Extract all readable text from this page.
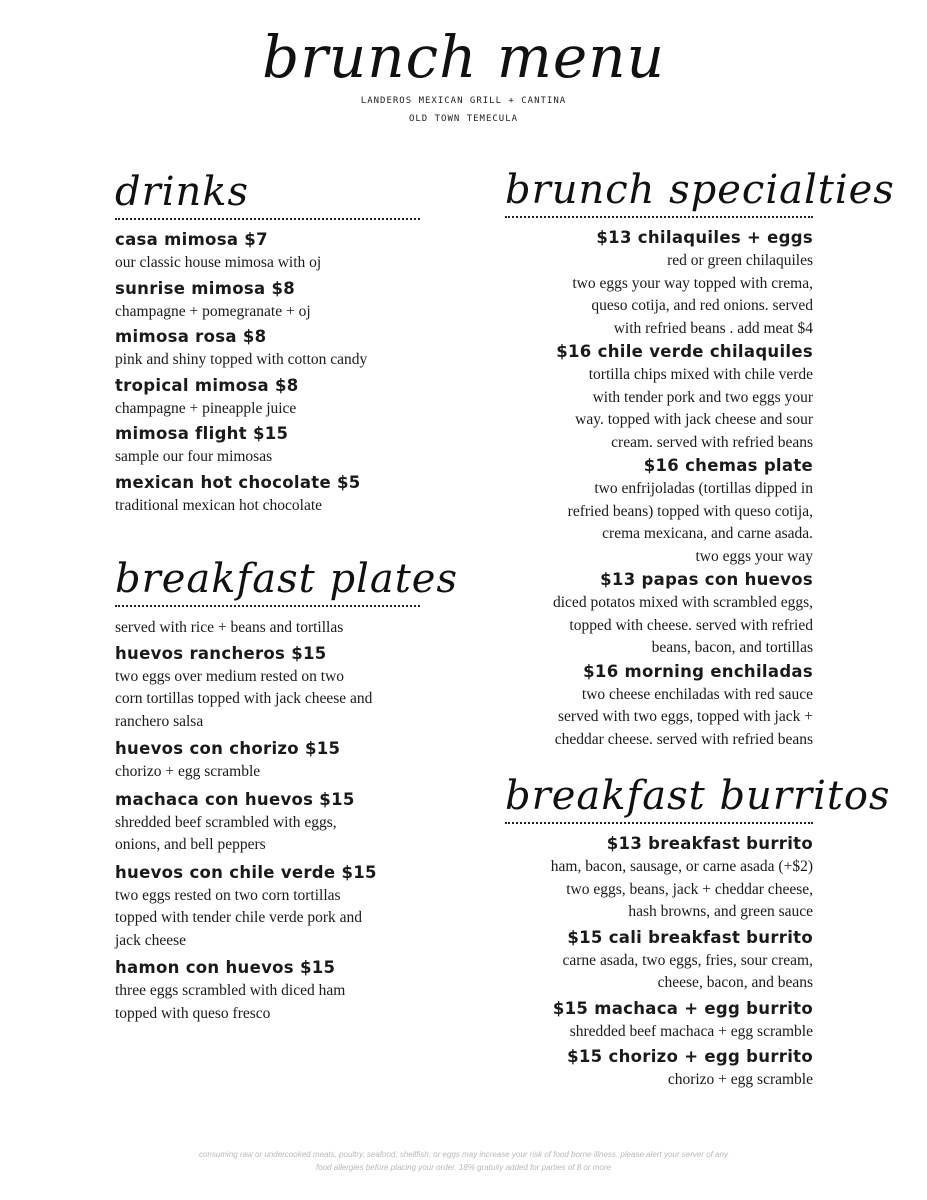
brunch menu
LANDEROS MEXICAN GRILL + CANTINA
OLD TOWN TEMECULA
drinks
casa mimosa $7
our classic house mimosa with oj
sunrise mimosa $8
champagne + pomegranate + oj
mimosa rosa $8
pink and shiny topped with cotton candy
tropical mimosa $8
champagne + pineapple juice
mimosa flight $15
sample our four mimosas
mexican hot chocolate $5
traditional mexican hot chocolate
breakfast plates
served with rice + beans and tortillas
huevos rancheros $15
two eggs over medium rested on two
corn tortillas topped with jack cheese and
ranchero salsa
huevos con chorizo $15
chorizo + egg scramble
machaca con huevos $15
shredded beef scrambled with eggs,
onions, and bell peppers
huevos con chile verde $15
two eggs rested on two corn tortillas
topped with tender chile verde pork and
jack cheese
hamon con huevos $15
three eggs scrambled with diced ham
topped with queso fresco
brunch specialties
$13 chilaquiles + eggs
red or green chilaquiles
two eggs your way topped with crema,
queso cotija, and red onions. served
with refried beans . add meat $4
$16 chile verde chilaquiles
tortilla chips mixed with chile verde
with tender pork and two eggs your
way. topped with jack cheese and sour
cream. served with refried beans
$16 chemas plate
two enfrijoladas (tortillas dipped in
refried beans) topped with queso cotija,
crema mexicana, and carne asada.
two eggs your way
$13 papas con huevos
diced potatos mixed with scrambled eggs,
topped with cheese. served with refried
beans, bacon, and tortillas
$16 morning enchiladas
two cheese enchiladas with red sauce
served with two eggs, topped with jack +
cheddar cheese. served with refried beans
breakfast burritos
$13 breakfast burrito
ham, bacon, sausage, or carne asada (+$2)
two eggs, beans, jack + cheddar cheese,
hash browns, and green sauce
$15 cali breakfast burrito
carne asada, two eggs, fries, sour cream,
cheese, bacon, and beans
$15 machaca + egg burrito
shredded beef machaca + egg scramble
$15 chorizo + egg burrito
chorizo + egg scramble
consuming raw or undercooked meats, poultry, seafood, shellfish, or eggs may increase your risk of food borne illness. please alert your server of any
food allergies before placing your order. 18% gratuity added for parties of 8 or more
